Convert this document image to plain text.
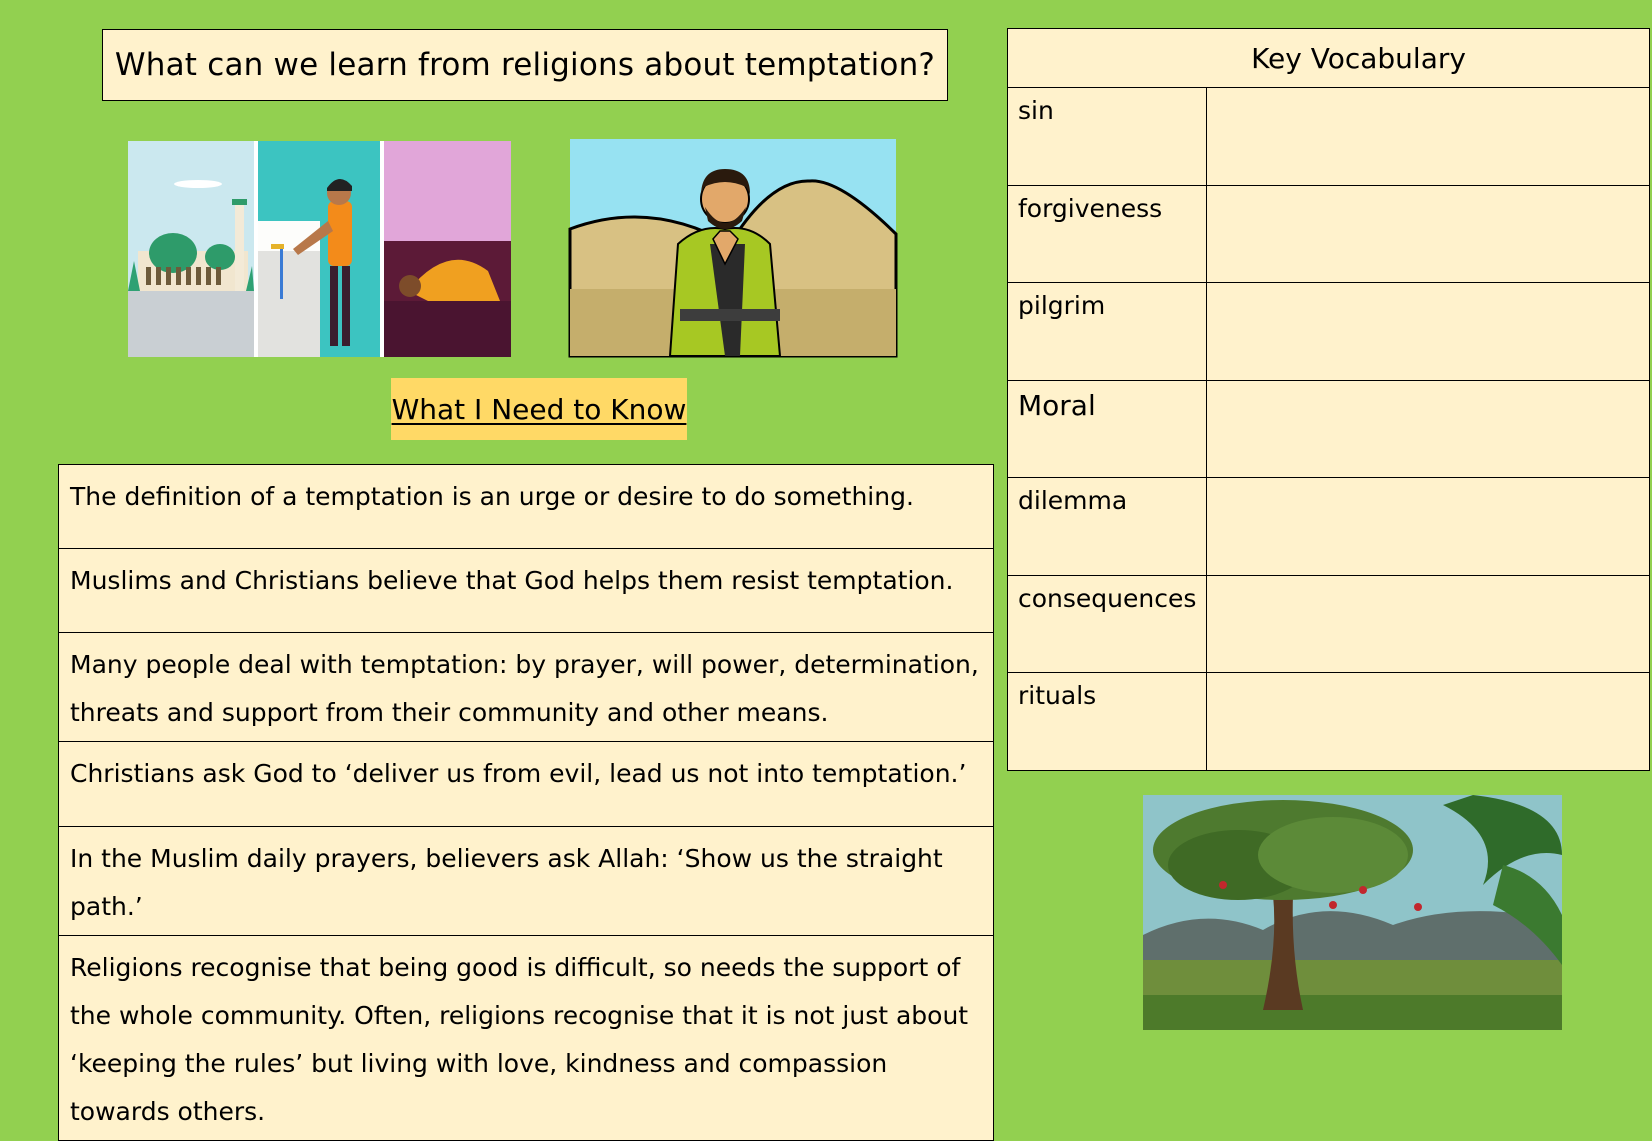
What can we learn from religions about temptation?
What I Need to Know
The definition of a temptation is an urge or desire to do something.
Muslims and Christians believe that God helps them resist temptation.
Many people deal with temptation: by prayer, will power, determination, threats and support from their community and other means.
Christians ask God to ‘deliver us from evil, lead us not into temptation.’
In the Muslim daily prayers, believers ask Allah: ‘Show us the straight path.’
Religions recognise that being good is difficult, so needs the support of the whole community. Often, religions recognise that it is not just about ‘keeping the rules’ but living with love, kindness and compassion towards others.
Key Vocabulary	
sin	
forgiveness	
pilgrim	
Moral	
dilemma	
consequences	
rituals	
